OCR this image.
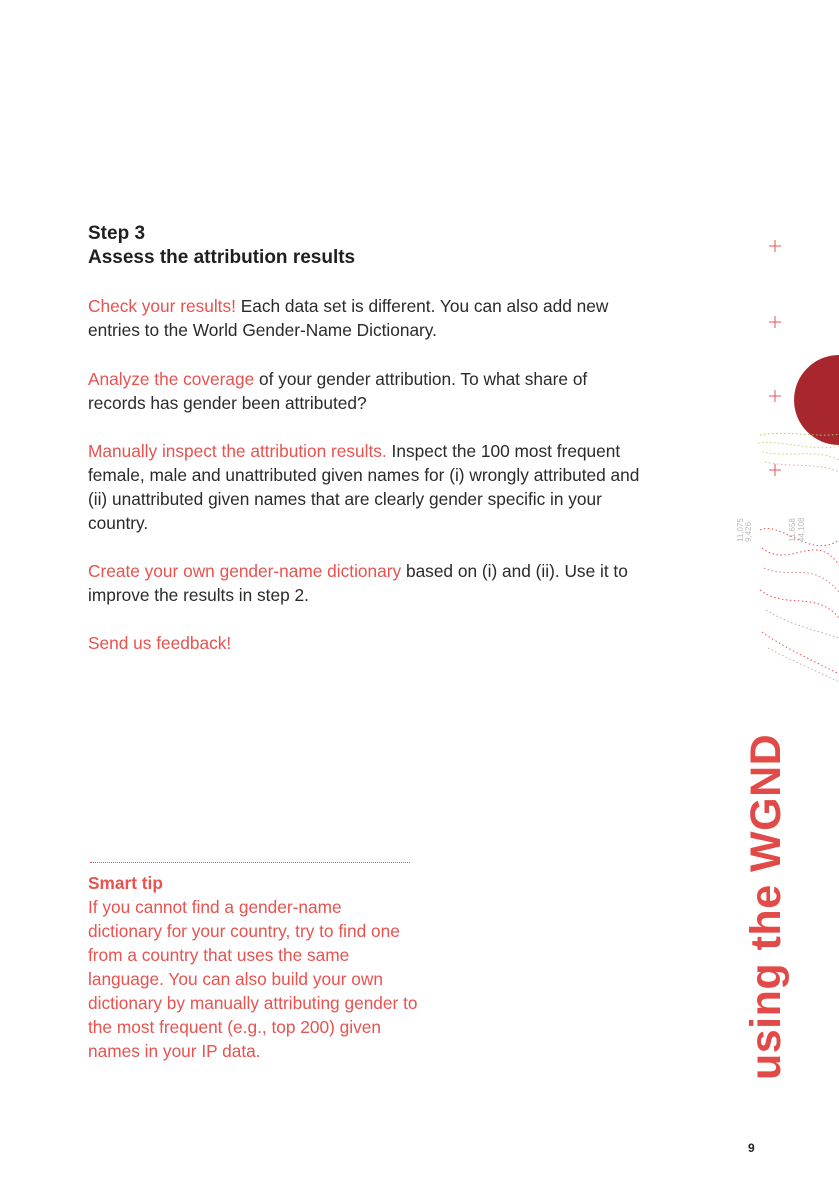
Step 3
Assess the attribution results

Check your results! Each data set is different. You can also add new entries to the World Gender-Name Dictionary.

Analyze the coverage of your gender attribution. To what share of records has gender been attributed?

Manually inspect the attribution results. Inspect the 100 most frequent female, male and unattributed given names for (i) wrongly attributed and (ii) unattributed given names that are clearly gender specific in your country.

Create your own gender-name dictionary based on (i) and (ii). Use it to improve the results in step 2.

Send us feedback!

Smart tip
If you cannot find a gender-name dictionary for your country, try to find one from a country that uses the same language. You can also build your own dictionary by manually attributing gender to the most frequent (e.g., top 200) given names in your IP data.
11,075 9,426	11,658 44,108
using the WGND
9
